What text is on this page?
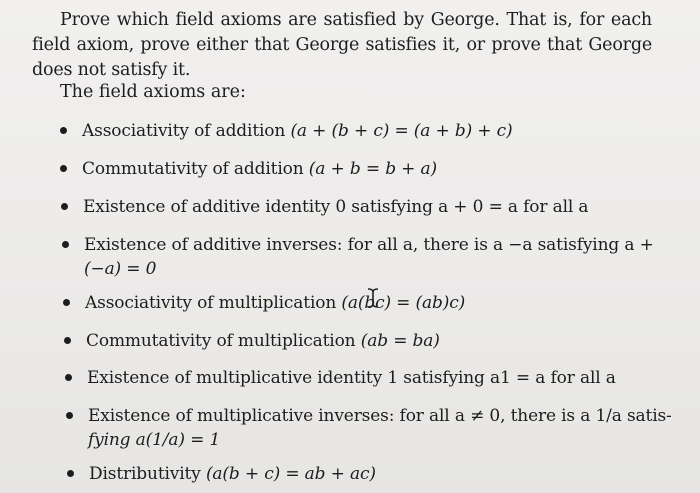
Prove which field axioms are satisfied by George. That is, for each field axiom, prove either that George satisfies it, or prove that George does not satisfy it.

The field axioms are:
Associativity of addition (a + (b + c) = (a + b) + c)
Commutativity of addition (a + b = b + a)
Existence of additive identity 0 satisfying a + 0 = a for all a
Existence of additive inverses: for all a, there is a −a satisfying a +
(−a) = 0
Associativity of multiplication (a(bc) = (ab)c)
Commutativity of multiplication (ab = ba)
Existence of multiplicative identity 1 satisfying a1 = a for all a
Existence of multiplicative inverses: for all a ≠ 0, there is a 1/a satis-
fying a(1/a) = 1
Distributivity (a(b + c) = ab + ac)
